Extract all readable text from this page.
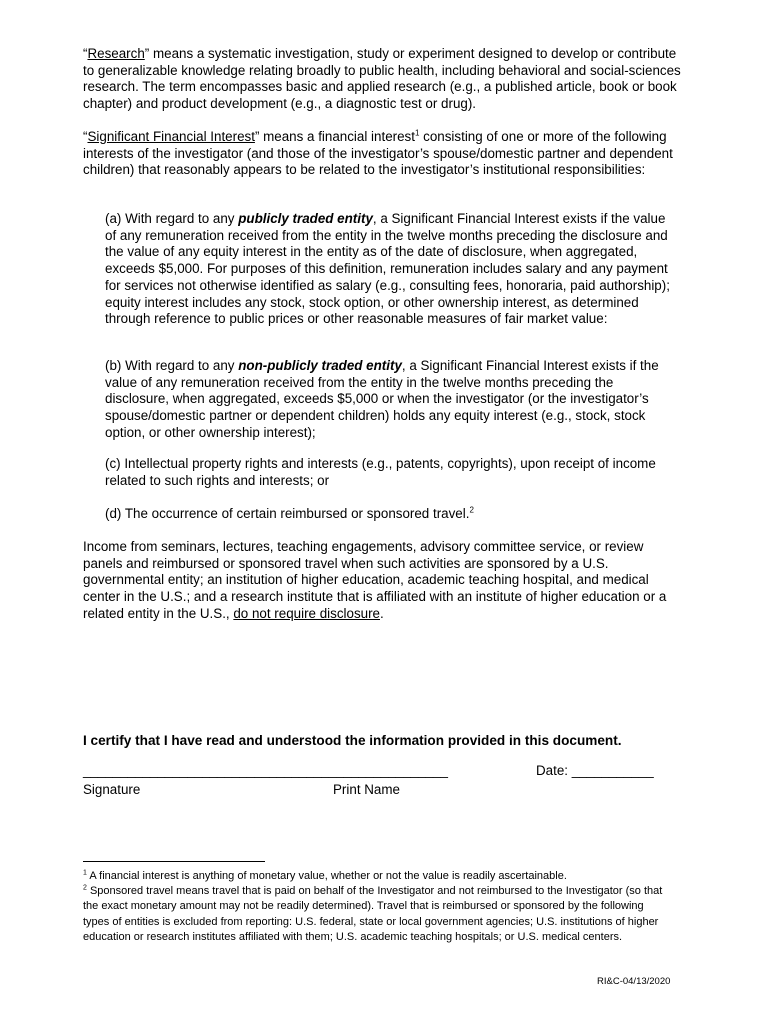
“Research” means a systematic investigation, study or experiment designed to develop or contribute to generalizable knowledge relating broadly to public health, including behavioral and social-sciences research. The term encompasses basic and applied research (e.g., a published article, book or book chapter) and product development (e.g., a diagnostic test or drug).

“Significant Financial Interest” means a financial interest$^1$ consisting of one or more of the following interests of the investigator (and those of the investigator’s spouse/domestic partner and dependent children) that reasonably appears to be related to the investigator’s institutional responsibilities:

(a) With regard to any publicly traded entity, a Significant Financial Interest exists if the value of any remuneration received from the entity in the twelve months preceding the disclosure and the value of any equity interest in the entity as of the date of disclosure, when aggregated, exceeds $5,000. For purposes of this definition, remuneration includes salary and any payment for services not otherwise identified as salary (e.g., consulting fees, honoraria, paid authorship); equity interest includes any stock, stock option, or other ownership interest, as determined through reference to public prices or other reasonable measures of fair market value:

(b) With regard to any non-publicly traded entity, a Significant Financial Interest exists if the value of any remuneration received from the entity in the twelve months preceding the disclosure, when aggregated, exceeds $5,000 or when the investigator (or the investigator’s spouse/domestic partner or dependent children) holds any equity interest (e.g., stock, stock option, or other ownership interest);

(c) Intellectual property rights and interests (e.g., patents, copyrights), upon receipt of income related to such rights and interests; or

(d) The occurrence of certain reimbursed or sponsored travel.$^2$

Income from seminars, lectures, teaching engagements, advisory committee service, or review panels and reimbursed or sponsored travel when such activities are sponsored by a U.S. governmental entity; an institution of higher education, academic teaching hospital, and medical center in the U.S.; and a research institute that is affiliated with an institute of higher education or a related entity in the U.S., do not require disclosure.

I certify that I have read and understood the information provided in this document.
_________________________________________________	Date: ___________
Signature	Print Name

$^1$ A financial interest is anything of monetary value, whether or not the value is readily ascertainable.

$^2$ Sponsored travel means travel that is paid on behalf of the Investigator and not reimbursed to the Investigator (so that the exact monetary amount may not be readily determined). Travel that is reimbursed or sponsored by the following types of entities is excluded from reporting: U.S. federal, state or local government agencies; U.S. institutions of higher education or research institutes affiliated with them; U.S. academic teaching hospitals; or U.S. medical centers.

RI&C-04/13/2020
